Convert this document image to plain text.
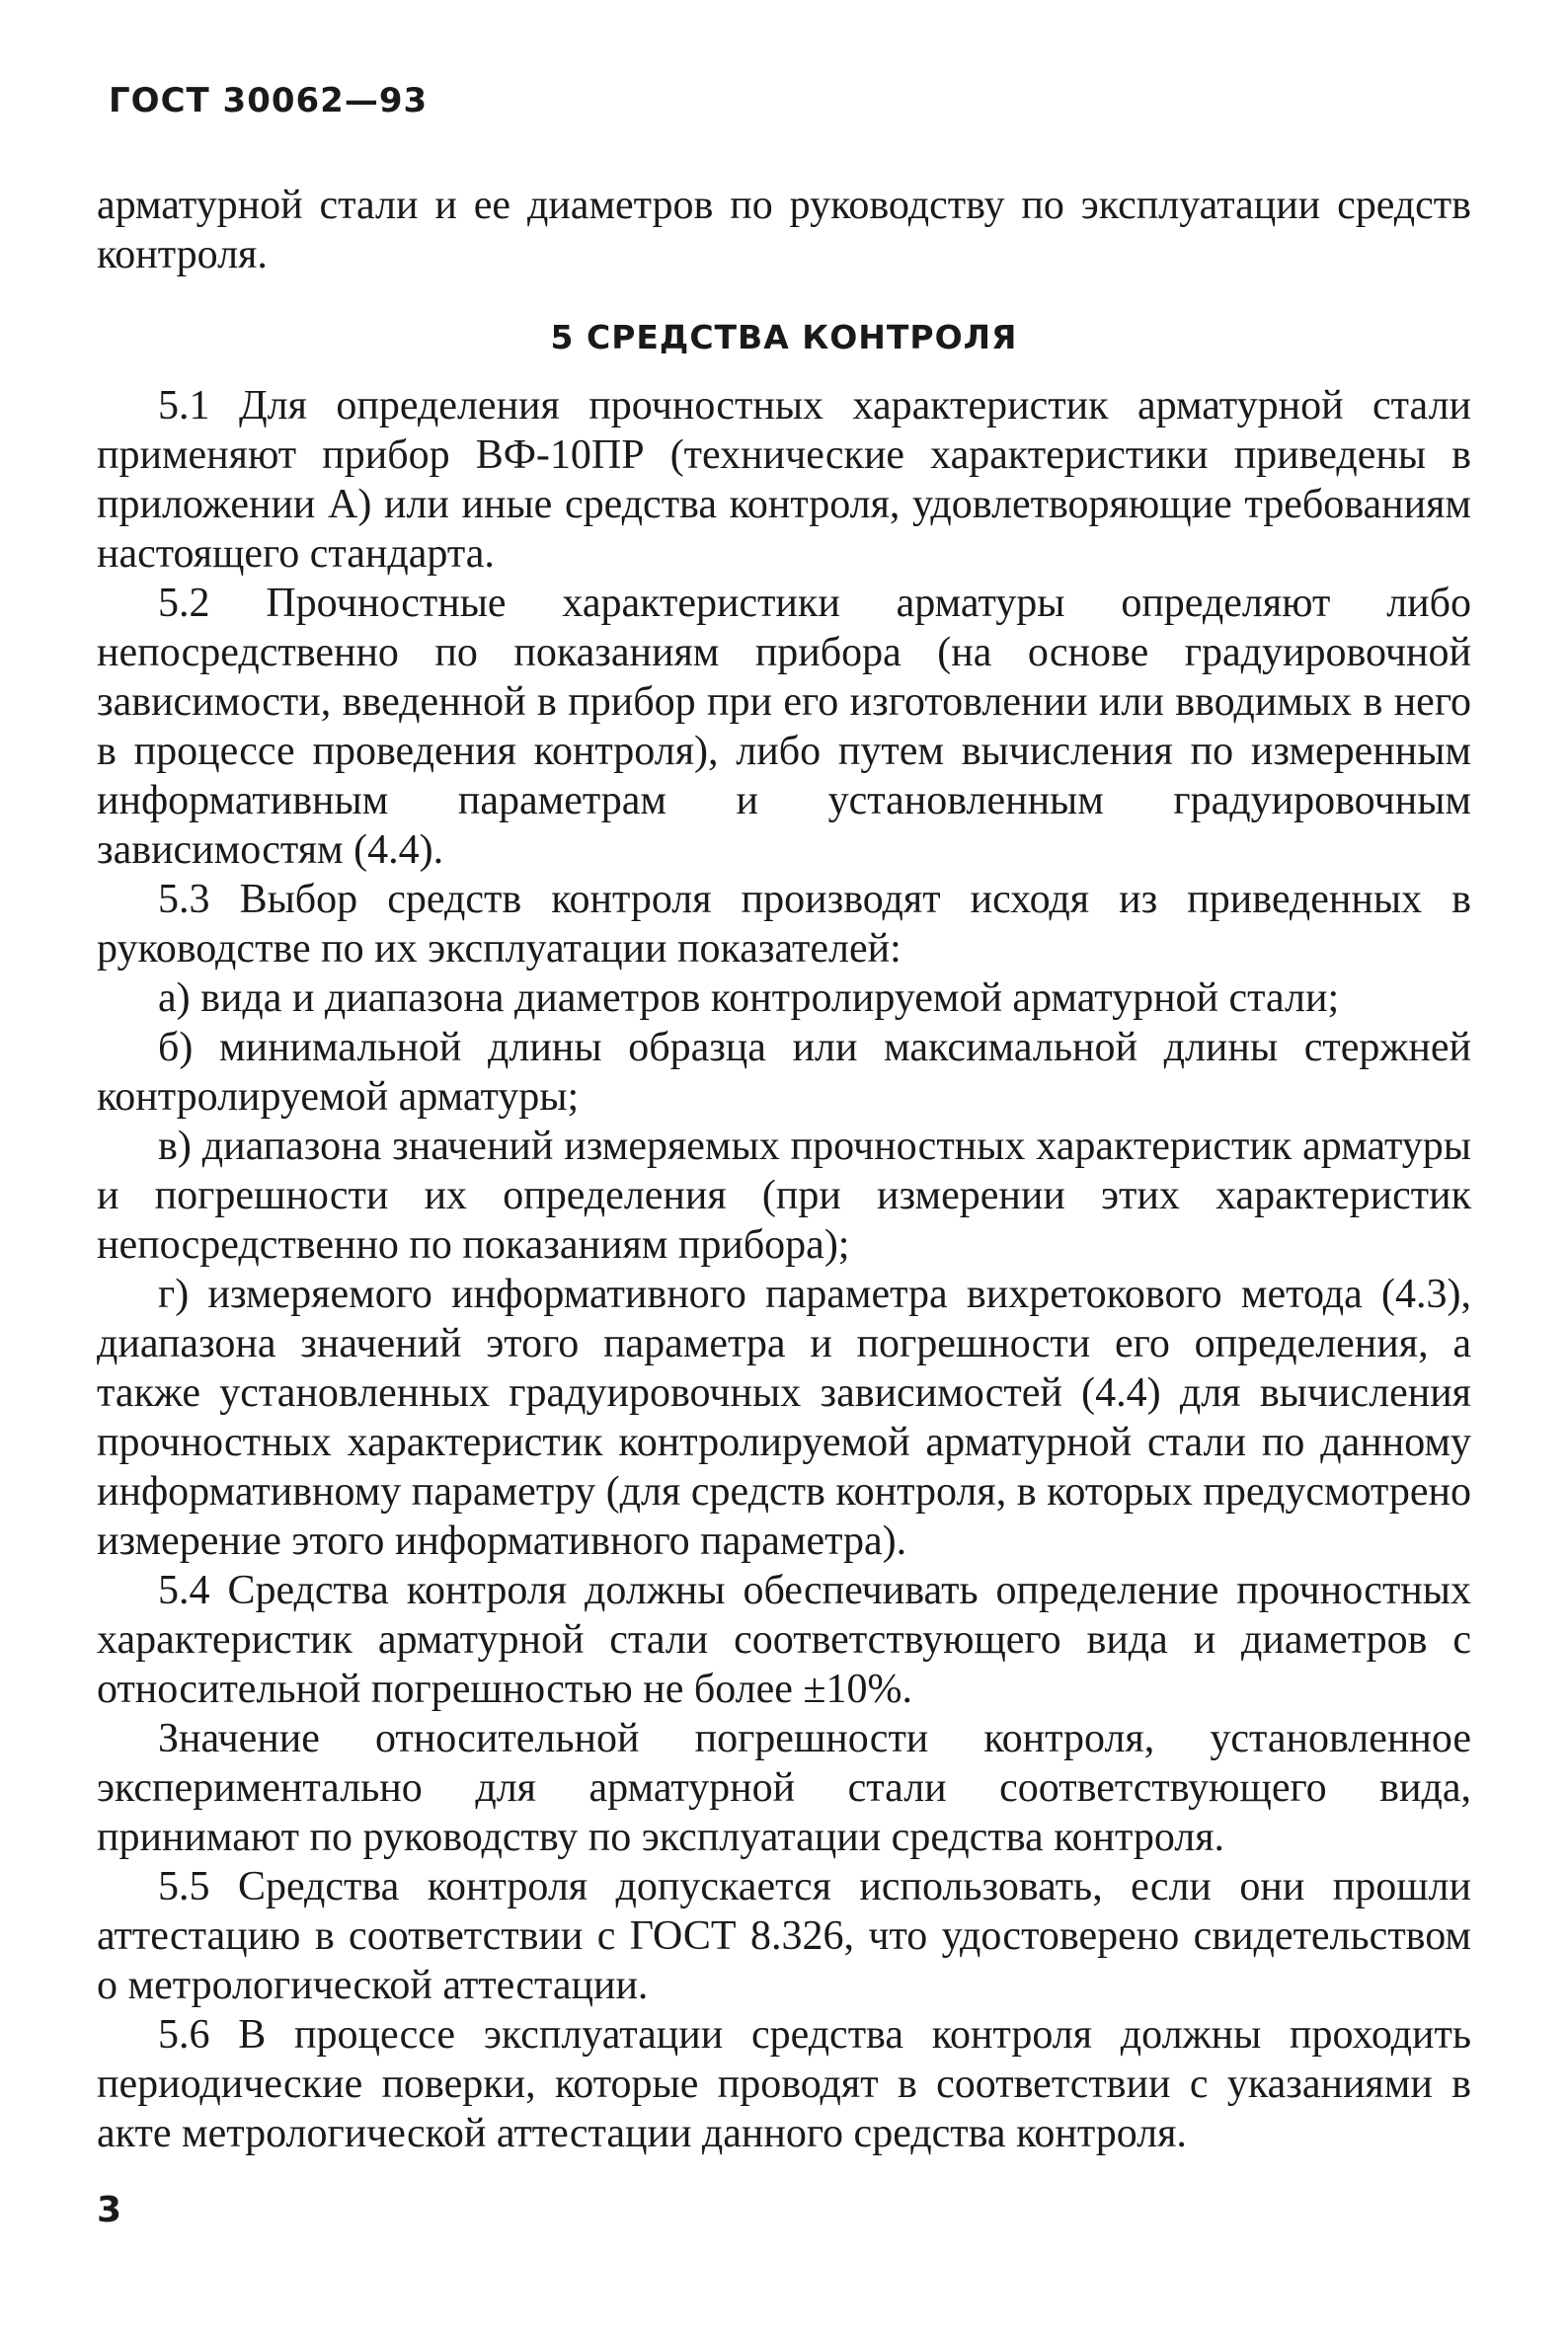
ГОСТ 30062—93
арматурной стали и ее диаметров по руководству по эксплуатации средств контроля.
5 СРЕДСТВА КОНТРОЛЯ

5.1 Для определения прочностных характеристик арматурной стали применяют прибор ВФ-10ПР (технические характеристики приведены в приложении А) или иные средства контроля, удовлетворяющие требованиям настоящего стандарта.

5.2 Прочностные характеристики арматуры определяют либо непосредственно по показаниям прибора (на основе градуировочной зависимости, введенной в прибор при его изготовлении или вводимых в него в процессе проведения контроля), либо путем вычисления по измеренным информативным параметрам и установленным градуировочным зависимостям (4.4).

5.3 Выбор средств контроля производят исходя из приведенных в руководстве по их эксплуатации показателей:

а) вида и диапазона диаметров контролируемой арматурной стали;

б) минимальной длины образца или максимальной длины стержней контролируемой арматуры;

в) диапазона значений измеряемых прочностных характеристик арматуры и погрешности их определения (при измерении этих характеристик непосредственно по показаниям прибора);

г) измеряемого информативного параметра вихретокового метода (4.3), диапазона значений этого параметра и погрешности его определения, а также установленных градуировочных зависимостей (4.4) для вычисления прочностных характеристик контролируемой арматурной стали по данному информативному параметру (для средств контроля, в которых предусмотрено измерение этого информативного параметра).

5.4 Средства контроля должны обеспечивать определение прочностных характеристик арматурной стали соответствующего вида и диаметров с относительной погрешностью не более ±10%.

Значение относительной погрешности контроля, установленное экспериментально для арматурной стали соответствующего вида, принимают по руководству по эксплуатации средства контроля.

5.5 Средства контроля допускается использовать, если они прошли аттестацию в соответствии с ГОСТ 8.326, что удостоверено свидетельством о метрологической аттестации.

5.6 В процессе эксплуатации средства контроля должны проходить периодические поверки, которые проводят в соответствии с указаниями в акте метрологической аттестации данного средства контроля.

3
